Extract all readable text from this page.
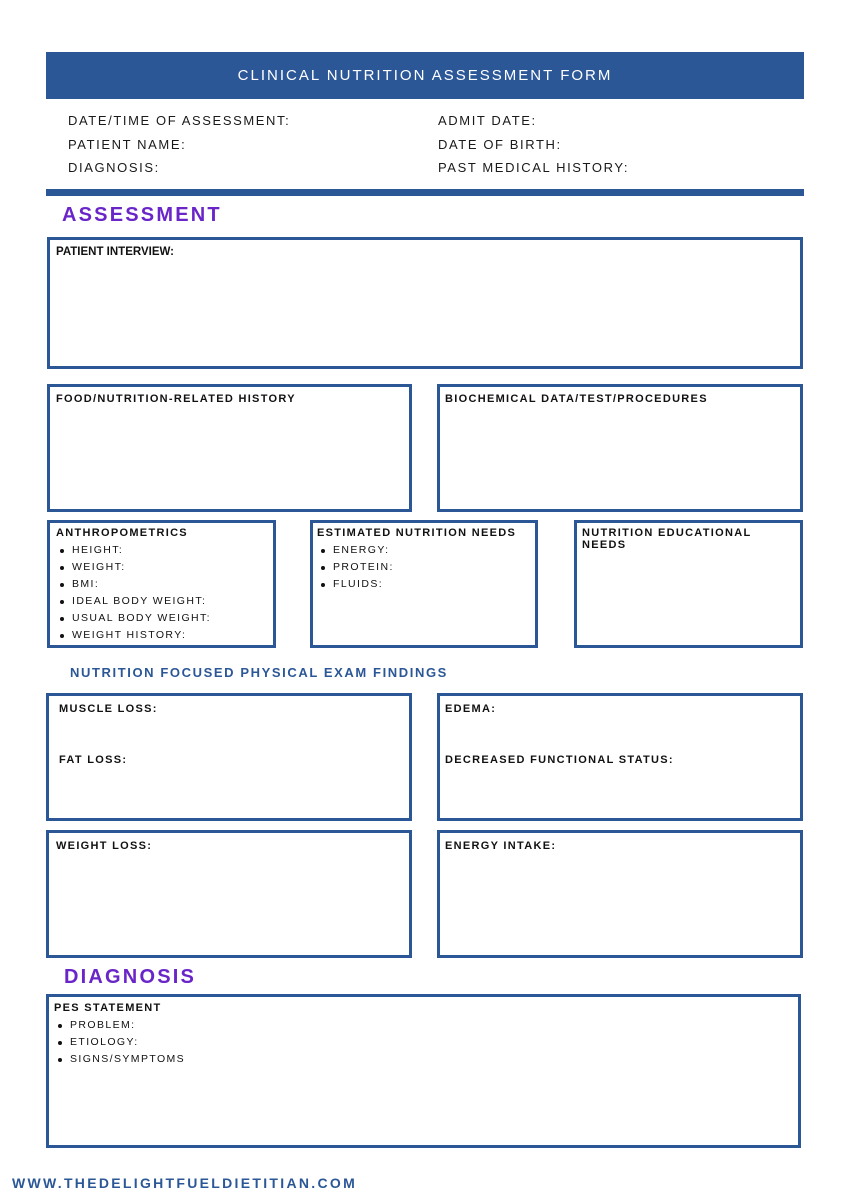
CLINICAL NUTRITION ASSESSMENT FORM
DATE/TIME OF ASSESSMENT:
PATIENT NAME:
DIAGNOSIS:
ADMIT DATE:
DATE OF BIRTH:
PAST MEDICAL HISTORY:
ASSESSMENT
PATIENT INTERVIEW:
FOOD/NUTRITION-RELATED HISTORY	BIOCHEMICAL DATA/TEST/PROCEDURES
ANTHROPOMETRICS
HEIGHT:
WEIGHT:
BMI:
IDEAL BODY WEIGHT:
USUAL BODY WEIGHT:
WEIGHT HISTORY:
ESTIMATED NUTRITION NEEDS
ENERGY:
PROTEIN:
FLUIDS:
NUTRITION EDUCATIONAL NEEDS
NUTRITION FOCUSED PHYSICAL EXAM FINDINGS
MUSCLE LOSS:
FAT LOSS:
EDEMA:
DECREASED FUNCTIONAL STATUS:
WEIGHT LOSS:	ENERGY INTAKE:
DIAGNOSIS
PES STATEMENT
PROBLEM:
ETIOLOGY:
SIGNS/SYMPTOMS
WWW.THEDELIGHTFUELDIETITIAN.COM
